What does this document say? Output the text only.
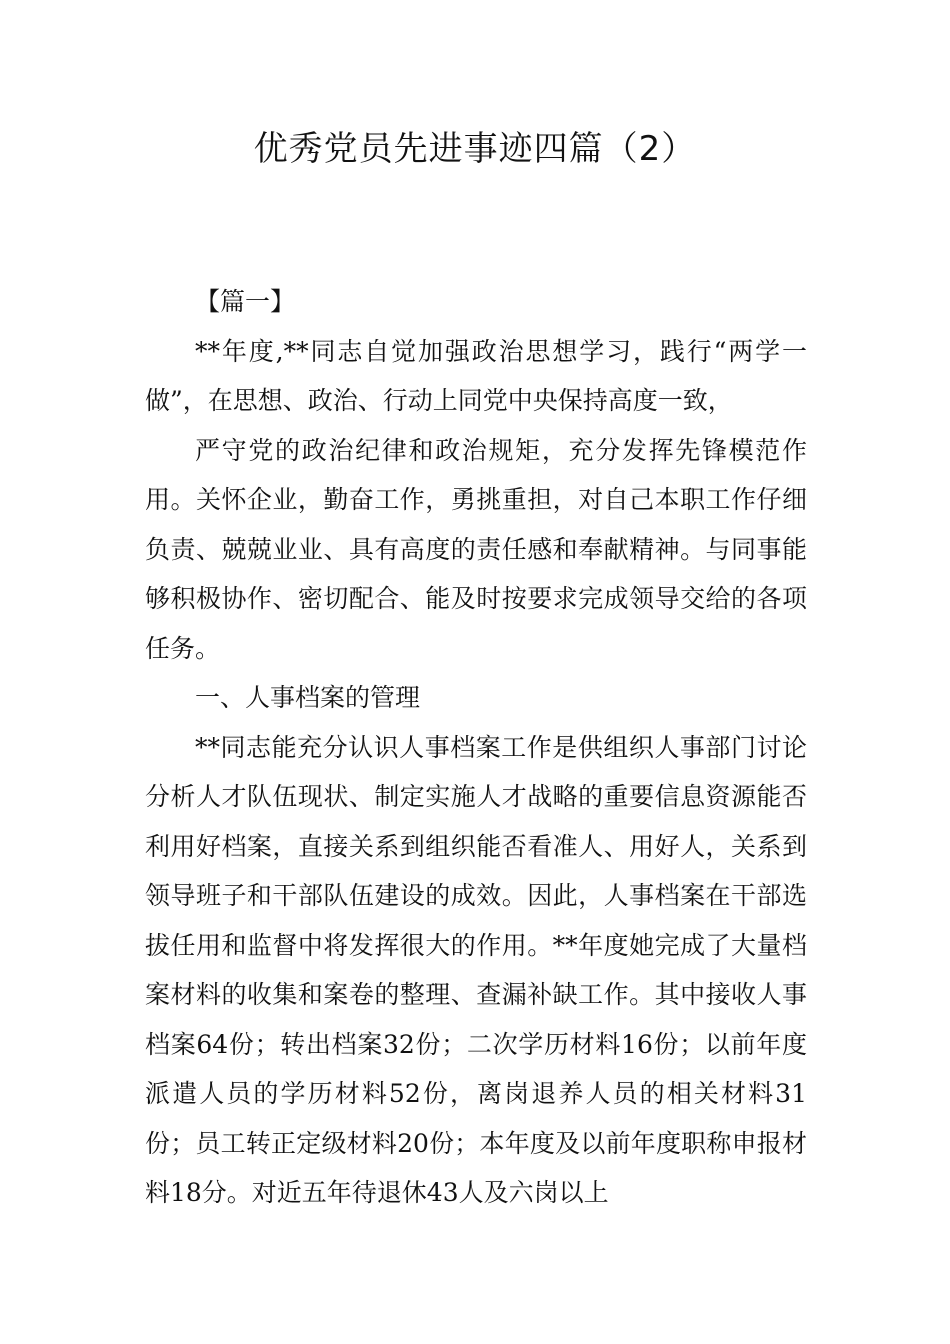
优秀党员先进事迹四篇（2）

【篇一】

**年度,**同志自觉加强政治思想学习，践行“两学一做”，在思想、政治、行动上同党中央保持高度一致，

严守党的政治纪律和政治规矩，充分发挥先锋模范作用。关怀企业，勤奋工作，勇挑重担，对自己本职工作仔细负责、兢兢业业、具有高度的责任感和奉献精神。与同事能够积极协作、密切配合、能及时按要求完成领导交给的各项任务。

一、人事档案的管理

**同志能充分认识人事档案工作是供组织人事部门讨论分析人才队伍现状、制定实施人才战略的重要信息资源能否利用好档案，直接关系到组织能否看准人、用好人，关系到领导班子和干部队伍建设的成效。因此，人事档案在干部选拔任用和监督中将发挥很大的作用。**年度她完成了大量档案材料的收集和案卷的整理、查漏补缺工作。其中接收人事档案64份；转出档案32份；二次学历材料16份；以前年度派遣人员的学历材料52份，离岗退养人员的相关材料31份；员工转正定级材料20份；本年度及以前年度职称申报材料18分。对近五年待退休43人及六岗以上
